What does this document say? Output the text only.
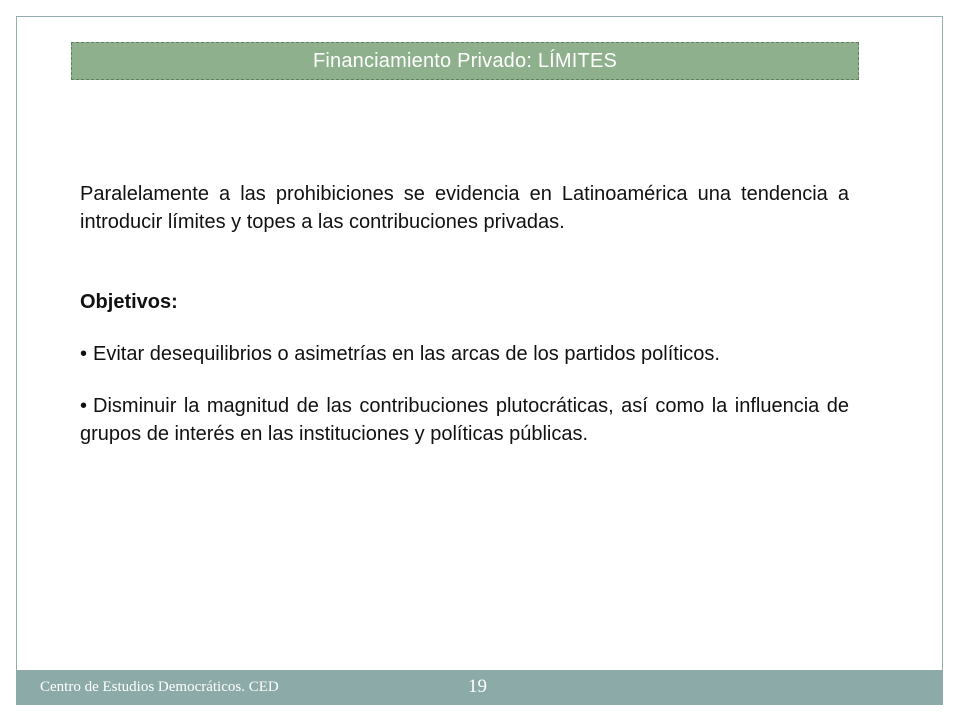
Financiamiento Privado: LÍMITES

Paralelamente a las prohibiciones se evidencia en Latinoamérica una tendencia a introducir límites y topes a las contribuciones privadas.

Objetivos:

• Evitar desequilibrios o asimetrías en las arcas de los partidos políticos.

• Disminuir la magnitud de las contribuciones plutocráticas, así como la influencia de grupos de interés en las instituciones y políticas públicas.

Centro de Estudios Democráticos. CED	19
